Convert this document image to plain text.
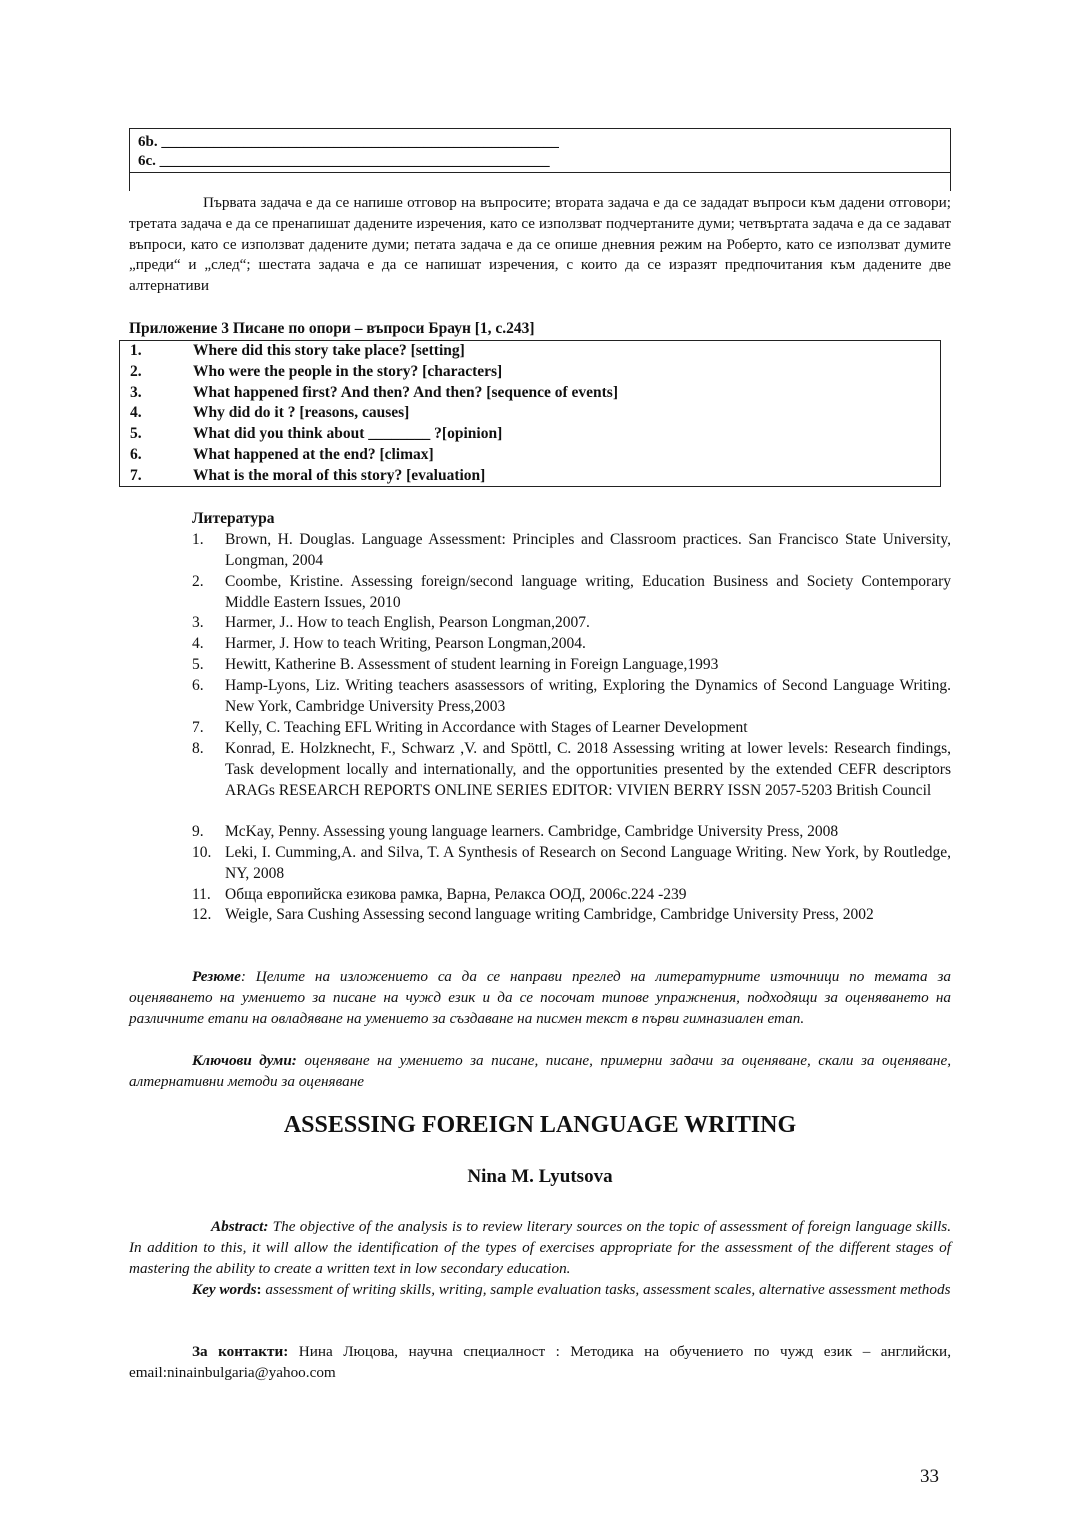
6b. _____________________________________________________
6c. ____________________________________________________

Първата задача е да се напише отговор на въпросите; втората задача е да се зададат въпроси към дадени отговори; третата задача е да се пренапишат дадените изречения, като се използват подчертаните думи; четвъртата задача е да се задават въпроси, като се използват дадените думи; петата задача е да се опише дневния режим на Роберто, като се използват думите „преди“ и „след“; шестата задача е да се напишат изречения, с които да се изразят предпочитания към дадените две алтернативи

Приложение 3 Писане по опори – въпроси Браун [1, с.243]
1.	Where did this story take place? [setting]
2.	Who were the people in the story? [characters]
3.	What happened first? And then? And then? [sequence of events]
4.	Why did do it ? [reasons, causes]
5.	What did you think about ________ ?[opinion]
6.	What happened at the end? [climax]
7.	What is the moral of this story? [evaluation]
Литература
1. Brown, H. Douglas. Language Assessment: Principles and Classroom practices. San Francisco State University, Longman, 2004
2. Coombe, Kristine. Assessing foreign/second language writing, Education Business and Society Contemporary Middle Eastern Issues, 2010
3. Harmer, J.. How to teach English, Pearson Longman,2007.
4. Harmer, J. How to teach Writing, Pearson Longman,2004.
5. Hewitt, Katherine B. Assessment of student learning in Foreign Language,1993
6. Hamp-Lyons, Liz. Writing teachers asassessors of writing, Exploring the Dynamics of Second Language Writing. New York, Cambridge University Press,2003
7. Kelly, C. Teaching EFL Writing in Accordance with Stages of Learner Development
8. Konrad, E. Holzknecht, F., Schwarz ,V. and Spöttl, C. 2018 Assessing writing at lower levels: Research findings, Task development locally and internationally, and the opportunities presented by the extended CEFR descriptors ARAGs RESEARCH REPORTS ONLINE SERIES EDITOR: VIVIEN BERRY ISSN 2057-5203 British Council
9. McKay, Penny. Assessing young language learners. Cambridge, Cambridge University Press, 2008
10. Leki, I. Cumming,A. and Silva, T. A Synthesis of Research on Second Language Writing. New York, by Routledge, NY, 2008
11. Обща европийска езикова рамка, Варна, Релакса ООД, 2006с.224 -239
12. Weigle, Sara Cushing Assessing second language writing Cambridge, Cambridge University Press, 2002

Резюме: Целите на изложението са да се направи преглед на литературните източници по темата за оценяването на умението за писане на чужд език и да се посочат типове упражнения, подходящи за оценяването на различните етапи на овладяване на умението за създаване на писмен текст в първи гимназиален етап.

Ключови думи: оценяване на умението за писане, писане, примерни задачи за оценяване, скали за оценяване, алтернативни методи за оценяване

ASSESSING FOREIGN LANGUAGE WRITING
Nina M. Lyutsova

Abstract: The objective of the analysis is to review literary sources on the topic of assessment of foreign language skills. In addition to this, it will allow the identification of the types of exercises appropriate for the assessment of the different stages of mastering the ability to create a written text in low secondary education.

Key words: assessment of writing skills, writing, sample evaluation tasks, assessment scales, alternative assessment methods

За контакти: Нина Люцова, научна специалност : Методика на обучението по чужд език – английски, email:ninainbulgaria@yahoo.com

33
